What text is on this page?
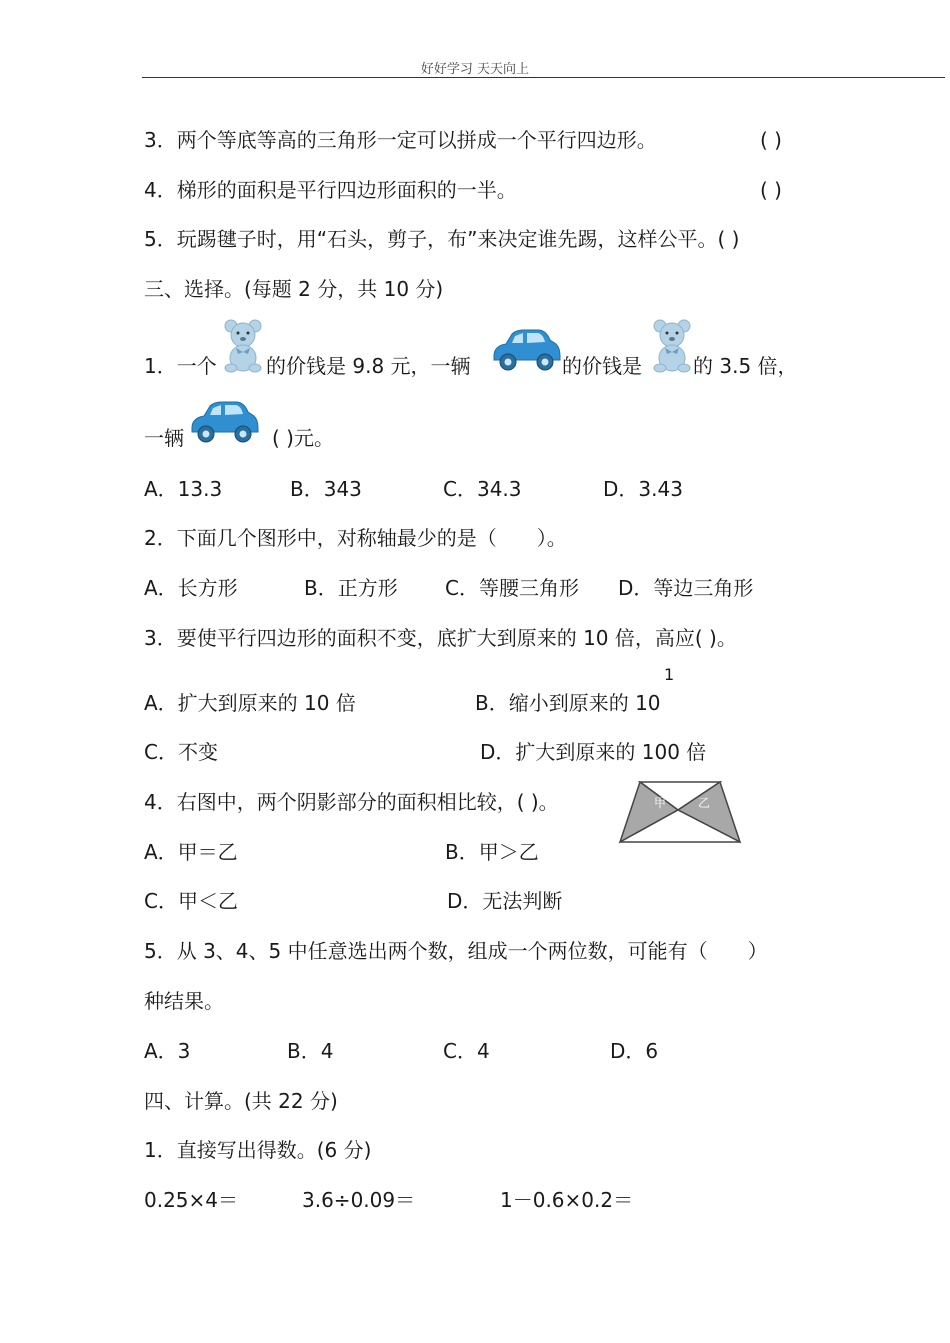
好好学习 天天向上
3．两个等底等高的三角形一定可以拼成一个平行四边形。	( )
4．梯形的面积是平行四边形面积的一半。	( )
5．玩踢毽子时，用“石头，剪子，布”来决定谁先踢，这样公平。( )
三、选择。(每题 2 分，共 10 分)
1．一个 的价钱是 9.8 元，一辆	的价钱是	的 3.5 倍，
一辆	( )元。
A．13.3	B．343	C．34.3	D．3.43
2．下面几个图形中，对称轴最少的是（　　）。
A．长方形	B．正方形 C．等腰三角形 D．等边三角形
3．要使平行四边形的面积不变，底扩大到原来的 10 倍，高应( )。
1
A．扩大到原来的 10 倍	B．缩小到原来的 10
C．不变	D．扩大到原来的 100 倍
4．右图中，两个阴影部分的面积相比较，( )。	甲	乙
A．甲＝乙	B．甲＞乙
C．甲＜乙	D．无法判断
5．从 3、4、5 中任意选出两个数，组成一个两位数，可能有（　　）
种结果。
A．3	B．4	C．4	D．6
四、计算。(共 22 分)
1．直接写出得数。(6 分)
0.25×4＝	3.6÷0.09＝	1－0.6×0.2＝
